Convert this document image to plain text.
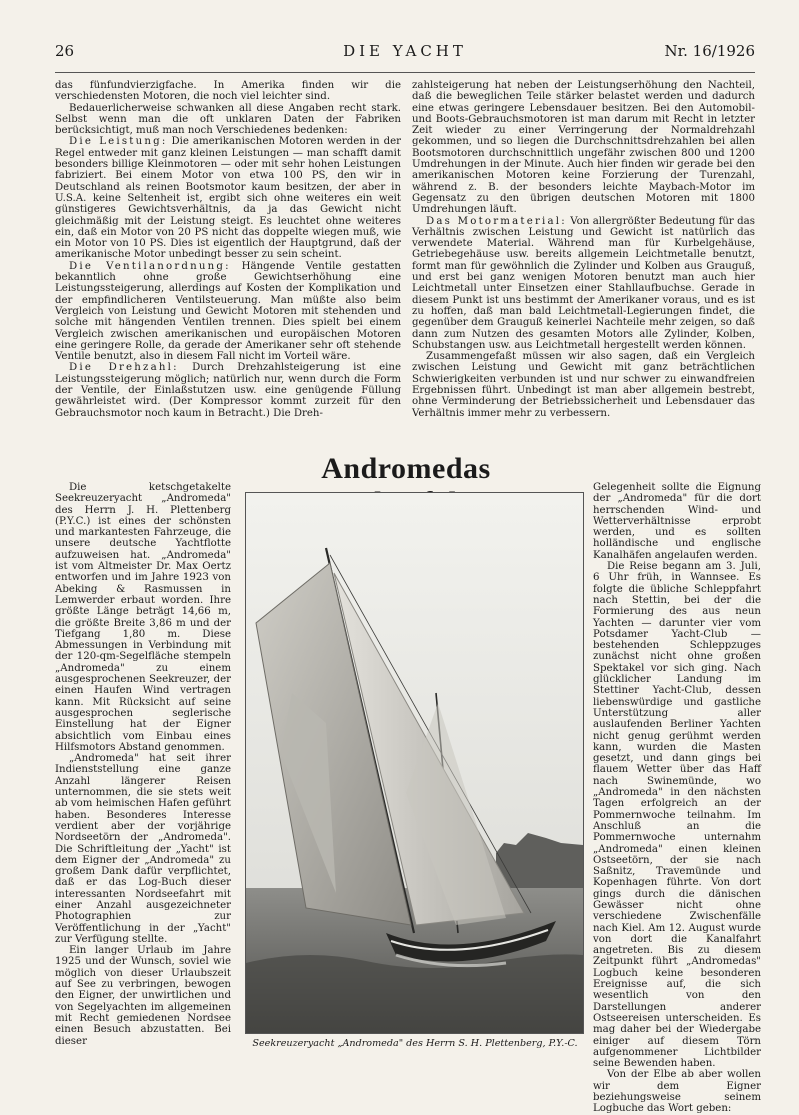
26	DIE YACHT	Nr. 16/1926

das fünfundvierzigfache. In Amerika finden wir die verschiedensten Motoren, die noch viel leichter sind.

Bedauerlicherweise schwanken all diese Angaben recht stark. Selbst wenn man die oft unklaren Daten der Fabriken berücksichtigt, muß man noch Verschiedenes bedenken:

Die Leistung: Die amerikanischen Motoren werden in der Regel entweder mit ganz kleinen Leistungen — man schafft damit besonders billige Kleinmotoren — oder mit sehr hohen Leistungen fabriziert. Bei einem Motor von etwa 100 PS, den wir in Deutschland als reinen Bootsmotor kaum besitzen, der aber in U.S.A. keine Seltenheit ist, ergibt sich ohne weiteres ein weit günstigeres Gewichtsverhältnis, da ja das Gewicht nicht gleichmäßig mit der Leistung steigt. Es leuchtet ohne weiteres ein, daß ein Motor von 20 PS nicht das doppelte wiegen muß, wie ein Motor von 10 PS. Dies ist eigentlich der Hauptgrund, daß der amerikanische Motor unbedingt besser zu sein scheint.

Die Ventilanordnung: Hängende Ventile gestatten bekanntlich ohne große Gewichtserhöhung eine Leistungssteigerung, allerdings auf Kosten der Komplikation und der empfindlicheren Ventilsteuerung. Man müßte also beim Vergleich von Leistung und Gewicht Motoren mit stehenden und solche mit hängenden Ventilen trennen. Dies spielt bei einem Vergleich zwischen amerikanischen und europäischen Motoren eine geringere Rolle, da gerade der Amerikaner sehr oft stehende Ventile benutzt, also in diesem Fall nicht im Vorteil wäre.

Die Drehzahl: Durch Drehzahlsteigerung ist eine Leistungssteigerung möglich; natürlich nur, wenn durch die Form der Ventile, der Einlaßstutzen usw. eine genügende Füllung gewährleistet wird. (Der Kompressor kommt zurzeit für den Gebrauchsmotor noch kaum in Betracht.) Die Dreh-

zahlsteigerung hat neben der Leistungserhöhung den Nachteil, daß die beweglichen Teile stärker belastet werden und dadurch eine etwas geringere Lebensdauer besitzen. Bei den Automobil- und Boots-Gebrauchsmotoren ist man darum mit Recht in letzter Zeit wieder zu einer Verringerung der Normaldrehzahl gekommen, und so liegen die Durchschnittsdrehzahlen bei allen Bootsmotoren durchschnittlich ungefähr zwischen 800 und 1200 Umdrehungen in der Minute. Auch hier finden wir gerade bei den amerikanischen Motoren keine Forzierung der Turenzahl, während z. B. der besonders leichte Maybach-Motor im Gegensatz zu den übrigen deutschen Motoren mit 1800 Umdrehungen läuft.

Das Motormaterial: Von allergrößter Bedeutung für das Verhältnis zwischen Leistung und Gewicht ist natürlich das verwendete Material. Während man für Kurbelgehäuse, Getriebegehäuse usw. bereits allgemein Leichtmetalle benutzt, formt man für gewöhnlich die Zylinder und Kolben aus Grauguß, und erst bei ganz wenigen Motoren benutzt man auch hier Leichtmetall unter Einsetzen einer Stahllaufbuchse. Gerade in diesem Punkt ist uns bestimmt der Amerikaner voraus, und es ist zu hoffen, daß man bald Leichtmetall-Legierungen findet, die gegenüber dem Grauguß keinerlei Nachteile mehr zeigen, so daß dann zum Nutzen des gesamten Motors alle Zylinder, Kolben, Schubstangen usw. aus Leichtmetall hergestellt werden können.

Zusammengefaßt müssen wir also sagen, daß ein Vergleich zwischen Leistung und Gewicht mit ganz beträchtlichen Schwierigkeiten verbunden ist und nur schwer zu einwandfreien Ergebnissen führt. Unbedingt ist man aber allgemein bestrebt, ohne Verminderung der Betriebssicherheit und Lebensdauer das Verhältnis immer mehr zu verbessern.

Andromedas

Die ketschgetakelte Seekreuzeryacht „Andromeda" des Herrn J. H. Plettenberg (P.Y.C.) ist eines der schönsten und markantesten Fahrzeuge, die unsere deutsche Yachtflotte aufzuweisen hat. „Andromeda" ist vom Altmeister Dr. Max Oertz entworfen und im Jahre 1923 von Abeking & Rasmussen in Lemwerder erbaut worden. Ihre größte Länge beträgt 14,66 m, die größte Breite 3,86 m und der Tiefgang 1,80 m. Diese Abmessungen in Verbindung mit der 120-qm-Segelfläche stempeln „Andromeda" zu einem ausgesprochenen Seekreuzer, der einen Haufen Wind vertragen kann. Mit Rücksicht auf seine ausgesprochen seglerische Einstellung hat der Eigner absichtlich vom Einbau eines Hilfsmotors Abstand genommen.

„Andromeda" hat seit ihrer Indienststellung eine ganze Anzahl längerer Reisen unternommen, die sie stets weit ab vom heimischen Hafen geführt haben. Besonderes Interesse verdient aber der vorjährige Nordseetörn der „Andromeda". Die Schriftleitung der „Yacht" ist dem Eigner der „Andromeda" zu großem Dank dafür verpflichtet, daß er das Log-Buch dieser interessanten Nordseefahrt mit einer Anzahl ausgezeichneter Photographien zur Veröffentlichung in der „Yacht" zur Verfügung stellte.

Ein langer Urlaub im Jahre 1925 und der Wunsch, soviel wie möglich von dieser Urlaubszeit auf See zu verbringen, bewogen den Eigner, der unwirtlichen und von Segelyachten im allgemeinen mit Recht gemiedenen Nordsee einen Besuch abzustatten. Bei dieser	Seekreuzeryacht „Andromeda" des Herrn S. H. Plettenberg, P.Y.-C.

Gelegenheit sollte die Eignung der „Andromeda" für die dort herrschenden Wind- und Wetterverhältnisse erprobt werden, und es sollten holländische und englische Kanalhäfen angelaufen werden.

Die Reise begann am 3. Juli, 6 Uhr früh, in Wannsee. Es folgte die übliche Schleppfahrt nach Stettin, bei der die Formierung des aus neun Yachten — darunter vier vom Potsdamer Yacht-Club — bestehenden Schleppzuges zunächst nicht ohne großen Spektakel vor sich ging. Nach glücklicher Landung im Stettiner Yacht-Club, dessen liebenswürdige und gastliche Unterstützung aller auslaufenden Berliner Yachten nicht genug gerühmt werden kann, wurden die Masten gesetzt, und dann gings bei flauem Wetter über das Haff nach Swinemünde, wo „Andromeda" in den nächsten Tagen erfolgreich an der Pommernwoche teilnahm. Im Anschluß an die Pommernwoche unternahm „Andromeda" einen kleinen Ostseetörn, der sie nach Saßnitz, Travemünde und Kopenhagen führte. Von dort gings durch die dänischen Gewässer nicht ohne verschiedene Zwischenfälle nach Kiel. Am 12. August wurde von dort die Kanalfahrt angetreten. Bis zu diesem Zeitpunkt führt „Andromedas" Logbuch keine besonderen Ereignisse auf, die sich wesentlich von den Darstellungen anderer Ostseereisen unterscheiden. Es mag daher bei der Wiedergabe einiger auf diesem Törn aufgenommener Lichtbilder seine Bewenden haben.

Von der Elbe ab aber wollen wir dem Eigner beziehungsweise seinem Logbuche das Wort geben:
